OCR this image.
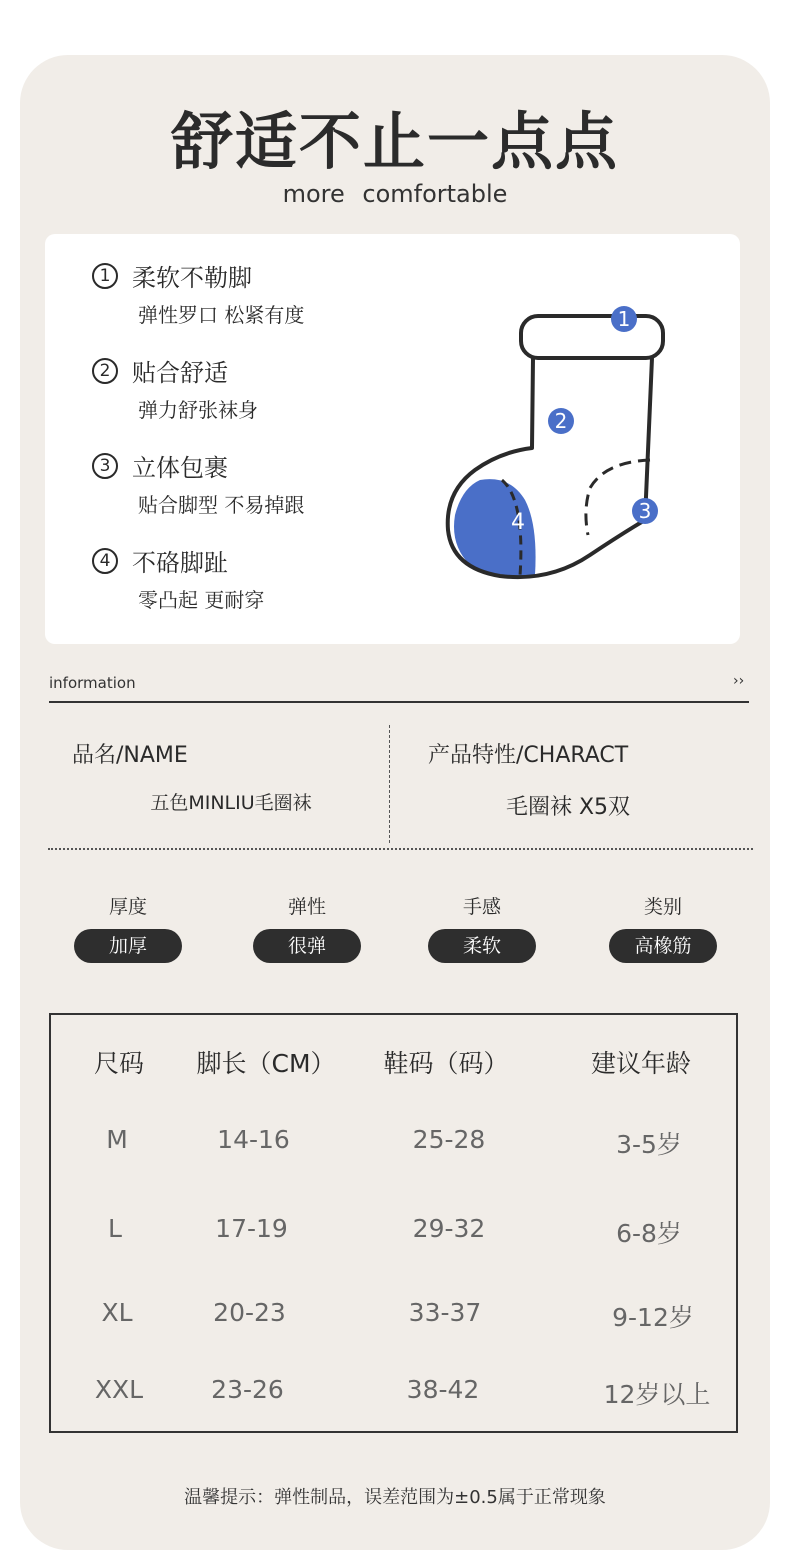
舒适不止一点点
more comfortable
1 柔软不勒脚
弹性罗口 松紧有度
2 贴合舒适
弹力舒张袜身
3 立体包裹
贴合脚型 不易掉跟
4 不硌脚趾
零凸起 更耐穿
1
2
3
4
information	››
品名/NAME
五色MINLIU毛圈袜
产品特性/CHARACT
毛圈袜 X5双
厚度
加厚
弹性
很弹
手感
柔软
类别
高橡筋
尺码	脚长（CM）	鞋码（码）	建议年龄
M	14-16	25-28	3-5岁
L	17-19	29-32	6-8岁
XL	20-23	33-37	9-12岁
XXL	23-26	38-42	12岁以上
温馨提示：弹性制品，误差范围为±0.5属于正常现象
